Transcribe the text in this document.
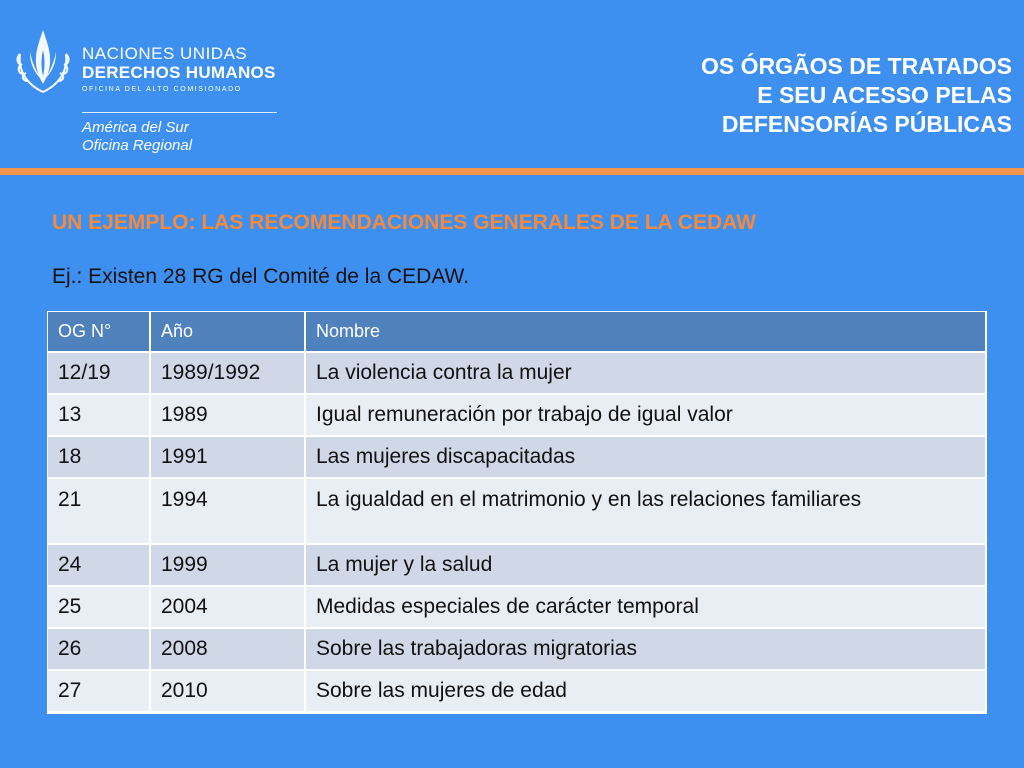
NACIONES UNIDAS
DERECHOS HUMANOS
OFICINA DEL ALTO COMISIONADO
América del Sur
Oficina Regional
OS ÓRGÃOS DE TRATADOS
E SEU ACESSO PELAS
DEFENSORÍAS PÚBLICAS
UN EJEMPLO: LAS RECOMENDACIONES GENERALES DE LA CEDAW
Ej.: Existen 28 RG del Comité de la CEDAW.
OG N°	Año	Nombre
12/19	1989/1992	La violencia contra la mujer
13	1989	Igual remuneración por trabajo de igual valor
18	1991	Las mujeres discapacitadas
21	1994	La igualdad en el matrimonio y en las relaciones familiares
24	1999	La mujer y la salud
25	2004	Medidas especiales de carácter temporal
26	2008	Sobre las trabajadoras migratorias
27	2010	Sobre las mujeres de edad
